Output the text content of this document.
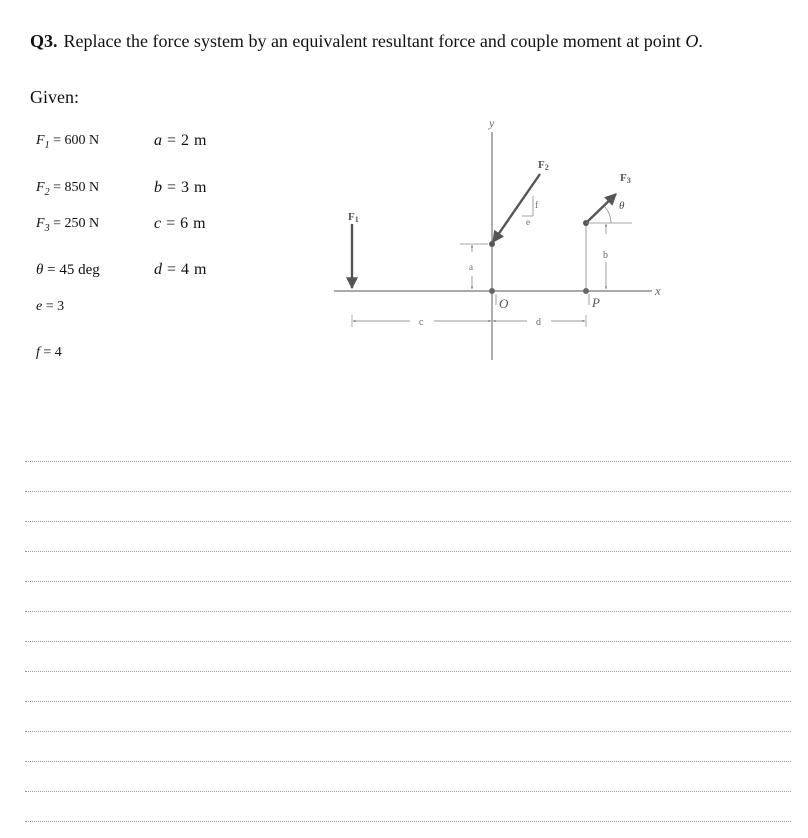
Q3. Replace the force system by an equivalent resultant force and couple moment at point O.
Given:
$F_1 = 600$ N
$F_2 = 850$ N
$F_3 = 250$ N
θ = 45 deg
e = 3
f = 4
a = 2 m
b = 3 m
c = 6 m
d = 4 m
y
x
O
F1
F2
f
e
F3
θ
P
a
b
c	d
